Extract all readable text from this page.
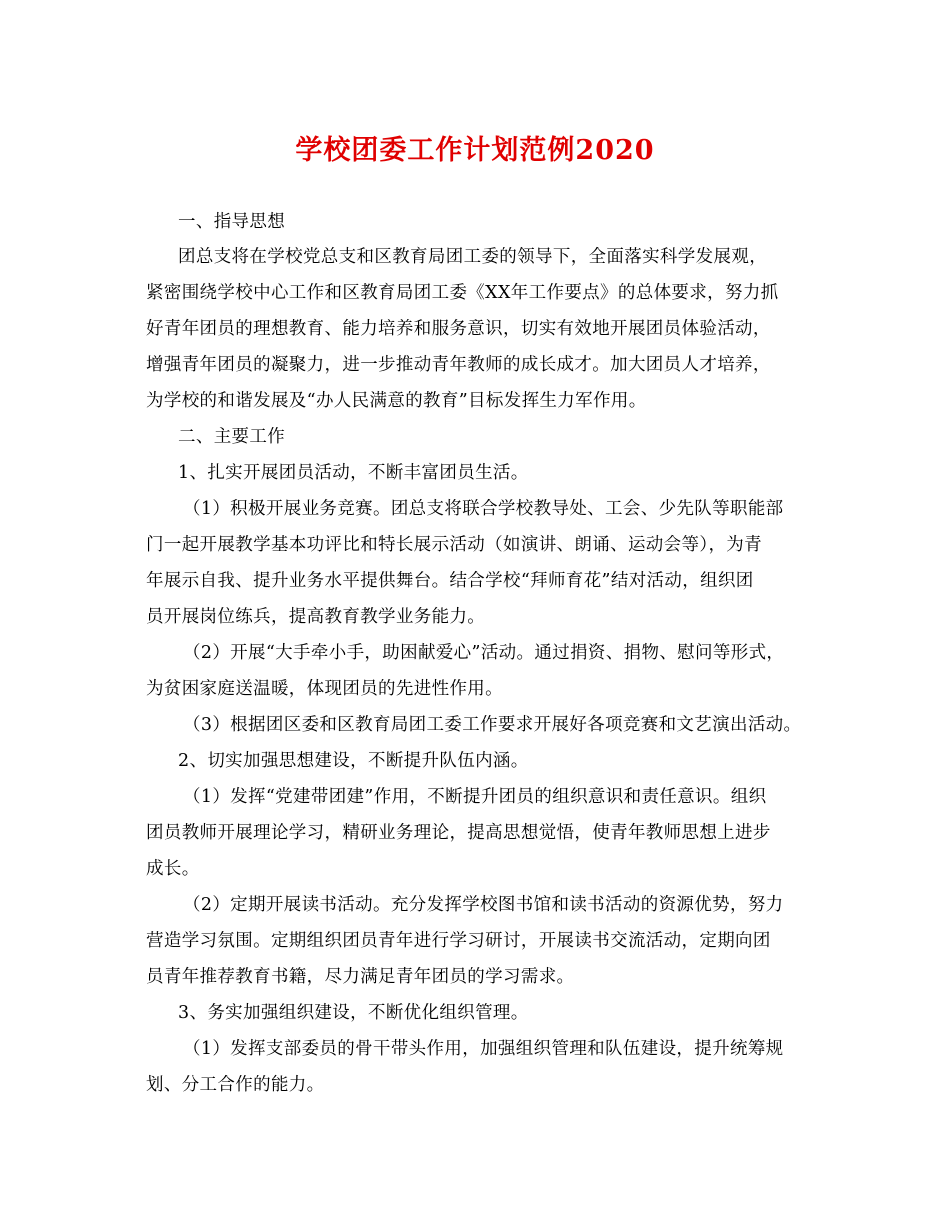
学校团委工作计划范例2020
一、指导思想
团总支将在学校党总支和区教育局团工委的领导下，全面落实科学发展观，
紧密围绕学校中心工作和区教育局团工委《XX年工作要点》的总体要求，努力抓
好青年团员的理想教育、能力培养和服务意识，切实有效地开展团员体验活动，
增强青年团员的凝聚力，进一步推动青年教师的成长成才。加大团员人才培养，
为学校的和谐发展及“办人民满意的教育”目标发挥生力军作用。
二、主要工作
1、扎实开展团员活动，不断丰富团员生活。
（1）积极开展业务竞赛。团总支将联合学校教导处、工会、少先队等职能部
门一起开展教学基本功评比和特长展示活动（如演讲、朗诵、运动会等），为青
年展示自我、提升业务水平提供舞台。结合学校“拜师育花”结对活动，组织团
员开展岗位练兵，提高教育教学业务能力。
（2）开展“大手牵小手，助困献爱心”活动。通过捐资、捐物、慰问等形式，
为贫困家庭送温暖，体现团员的先进性作用。
（3）根据团区委和区教育局团工委工作要求开展好各项竞赛和文艺演出活动。
2、切实加强思想建设，不断提升队伍内涵。
（1）发挥“党建带团建”作用，不断提升团员的组织意识和责任意识。组织
团员教师开展理论学习，精研业务理论，提高思想觉悟，使青年教师思想上进步
成长。
（2）定期开展读书活动。充分发挥学校图书馆和读书活动的资源优势，努力
营造学习氛围。定期组织团员青年进行学习研讨，开展读书交流活动，定期向团
员青年推荐教育书籍，尽力满足青年团员的学习需求。
3、务实加强组织建设，不断优化组织管理。
（1）发挥支部委员的骨干带头作用，加强组织管理和队伍建设，提升统筹规
划、分工合作的能力。
